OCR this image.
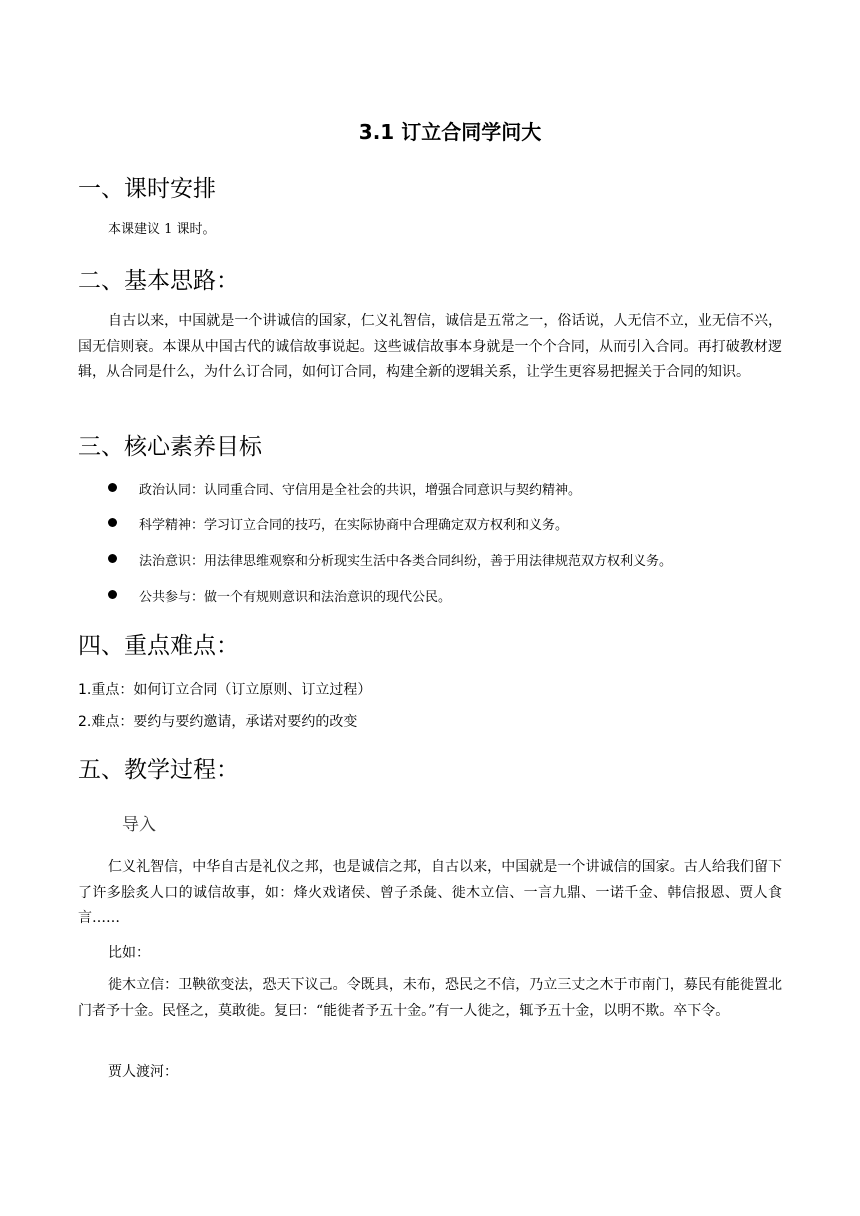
3.1 订立合同学问大
一、课时安排

本课建议 1 课时。

二、基本思路：

自古以来，中国就是一个讲诚信的国家，仁义礼智信，诚信是五常之一，俗话说，人无信不立，业无信不兴，国无信则衰。本课从中国古代的诚信故事说起。这些诚信故事本身就是一个个合同，从而引入合同。再打破教材逻辑，从合同是什么，为什么订合同，如何订合同，构建全新的逻辑关系，让学生更容易把握关于合同的知识。

三、核心素养目标
政治认同：认同重合同、守信用是全社会的共识，增强合同意识与契约精神。
科学精神：学习订立合同的技巧，在实际协商中合理确定双方权利和义务。
法治意识：用法律思维观察和分析现实生活中各类合同纠纷，善于用法律规范双方权利义务。
公共参与：做一个有规则意识和法治意识的现代公民。
四、重点难点：
1.重点：如何订立合同（订立原则、订立过程）
2.难点：要约与要约邀请，承诺对要约的改变
五、教学过程：
导入

仁义礼智信，中华自古是礼仪之邦，也是诚信之邦，自古以来，中国就是一个讲诚信的国家。古人给我们留下了许多脍炙人口的诚信故事，如：烽火戏诸侯、曾子杀彘、徙木立信、一言九鼎、一诺千金、韩信报恩、贾人食言……

比如：

徙木立信：卫鞅欲变法，恐天下议己。令既具，未布，恐民之不信，乃立三丈之木于市南门，募民有能徙置北门者予十金。民怪之，莫敢徙。复曰：“能徙者予五十金。”有一人徙之，辄予五十金，以明不欺。卒下令。

贾人渡河：
